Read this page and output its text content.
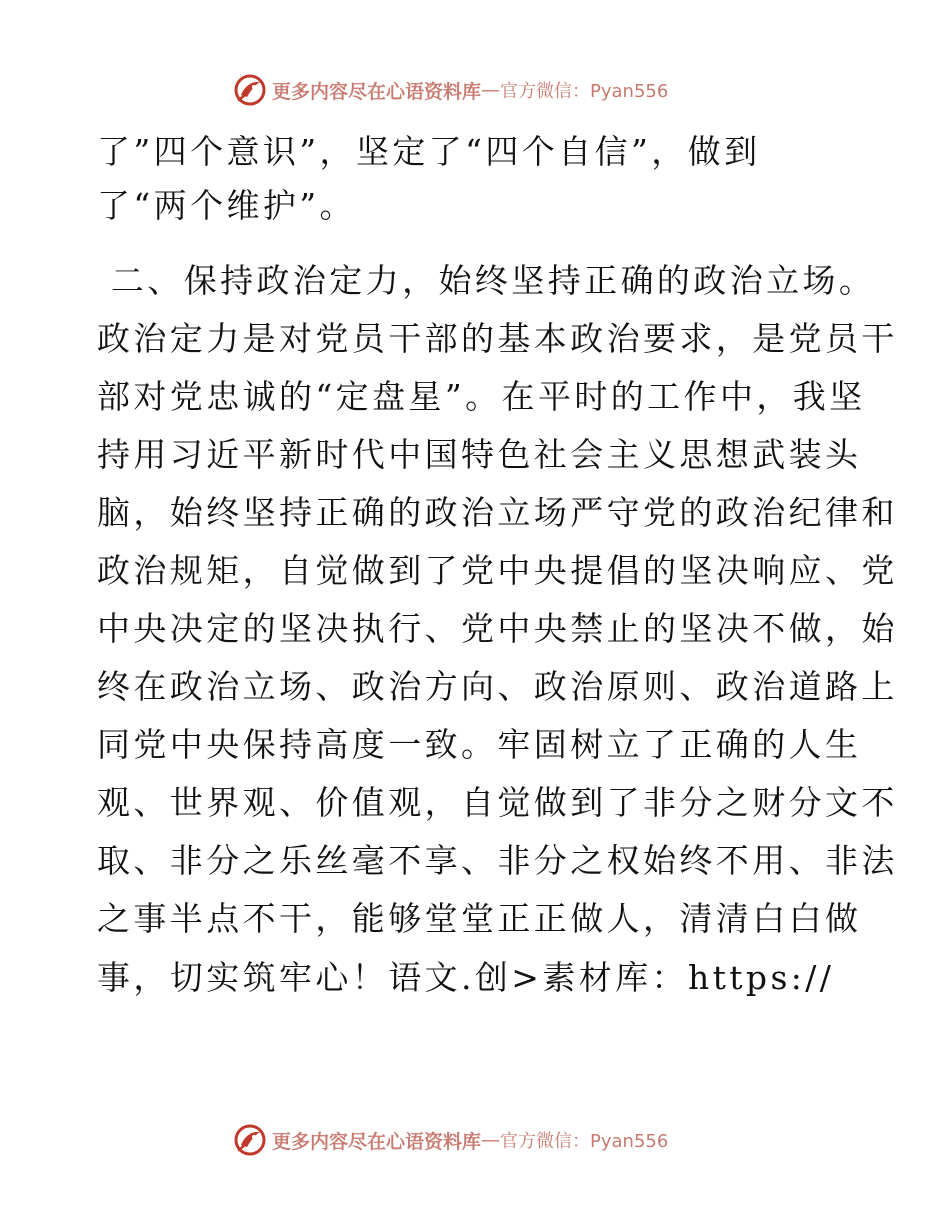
更多内容尽在心语资料库 — 官方微信：Pyan556
了”四个意识”，坚定了“四个自信”，做到
了“两个维护”。
二、保持政治定力，始终坚持正确的政治立场。
政治定力是对党员干部的基本政治要求，是党员干
部对党忠诚的“定盘星”。在平时的工作中，我坚
持用习近平新时代中国特色社会主义思想武装头
脑，始终坚持正确的政治立场严守党的政治纪律和
政治规矩，自觉做到了党中央提倡的坚决响应、党
中央决定的坚决执行、党中央禁止的坚决不做，始
终在政治立场、政治方向、政治原则、政治道路上
同党中央保持高度一致。牢固树立了正确的人生
观、世界观、价值观，自觉做到了非分之财分文不
取、非分之乐丝毫不享、非分之权始终不用、非法
之事半点不干，能够堂堂正正做人，清清白白做
事，切实筑牢心！语文.创>素材库：https://
更多内容尽在心语资料库 — 官方微信：Pyan556
